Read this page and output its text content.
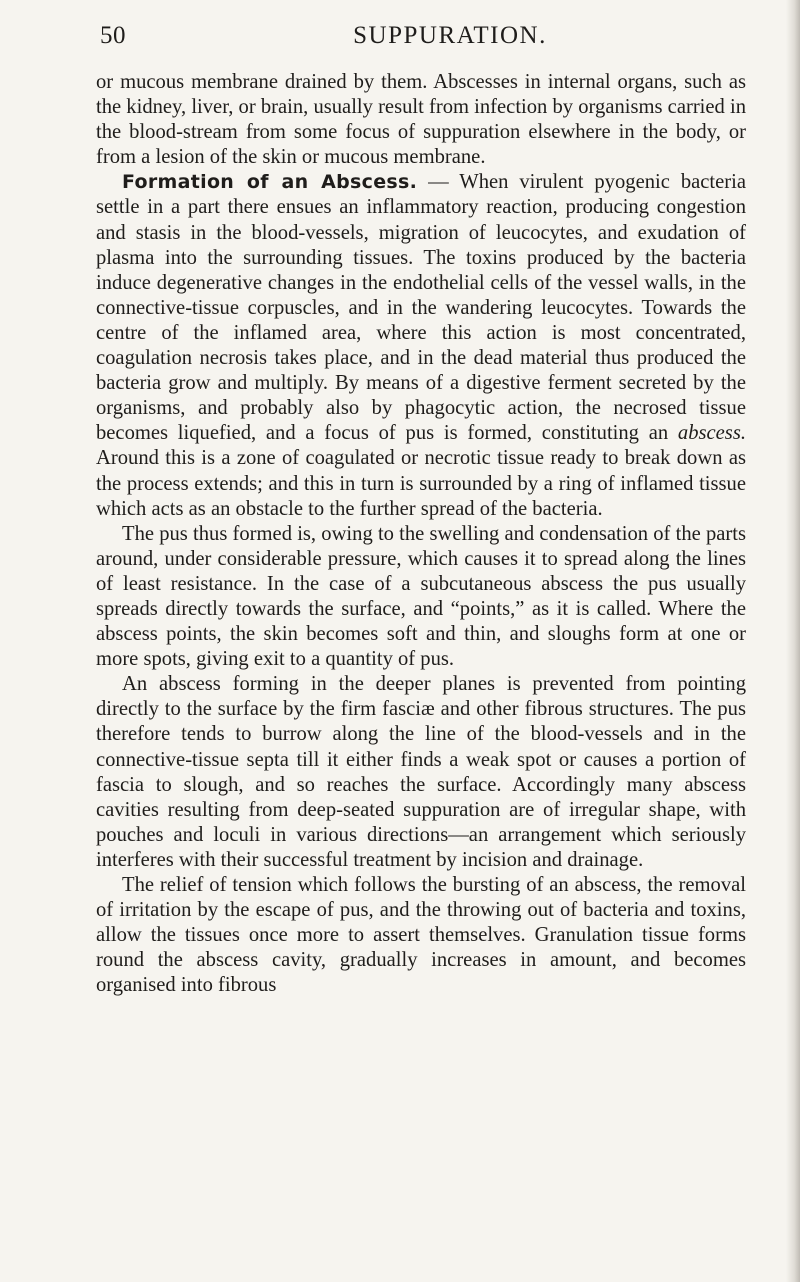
50	SUPPURATION.

or mucous membrane drained by them. Abscesses in internal organs, such as the kidney, liver, or brain, usually result from infection by organisms carried in the blood-stream from some focus of suppuration elsewhere in the body, or from a lesion of the skin or mucous membrane.

Formation of an Abscess. — When virulent pyogenic bacteria settle in a part there ensues an inflammatory reaction, producing congestion and stasis in the blood-vessels, migration of leucocytes, and exudation of plasma into the surrounding tissues. The toxins produced by the bacteria induce degenerative changes in the endothelial cells of the vessel walls, in the connective-tissue corpuscles, and in the wandering leucocytes. Towards the centre of the inflamed area, where this action is most concentrated, coagulation necrosis takes place, and in the dead material thus produced the bacteria grow and multiply. By means of a digestive ferment secreted by the organisms, and probably also by phagocytic action, the necrosed tissue becomes liquefied, and a focus of pus is formed, constituting an abscess. Around this is a zone of coagulated or necrotic tissue ready to break down as the process extends; and this in turn is surrounded by a ring of inflamed tissue which acts as an obstacle to the further spread of the bacteria.

The pus thus formed is, owing to the swelling and condensation of the parts around, under considerable pressure, which causes it to spread along the lines of least resistance. In the case of a subcutaneous abscess the pus usually spreads directly towards the surface, and “points,” as it is called. Where the abscess points, the skin becomes soft and thin, and sloughs form at one or more spots, giving exit to a quantity of pus.

An abscess forming in the deeper planes is prevented from pointing directly to the surface by the firm fasciæ and other fibrous structures. The pus therefore tends to burrow along the line of the blood-vessels and in the connective-tissue septa till it either finds a weak spot or causes a portion of fascia to slough, and so reaches the surface. Accordingly many abscess cavities resulting from deep-seated suppuration are of irregular shape, with pouches and loculi in various directions—an arrangement which seriously interferes with their successful treatment by incision and drainage.

The relief of tension which follows the bursting of an abscess, the removal of irritation by the escape of pus, and the throwing out of bacteria and toxins, allow the tissues once more to assert themselves. Granulation tissue forms round the abscess cavity, gradually increases in amount, and becomes organised into fibrous
